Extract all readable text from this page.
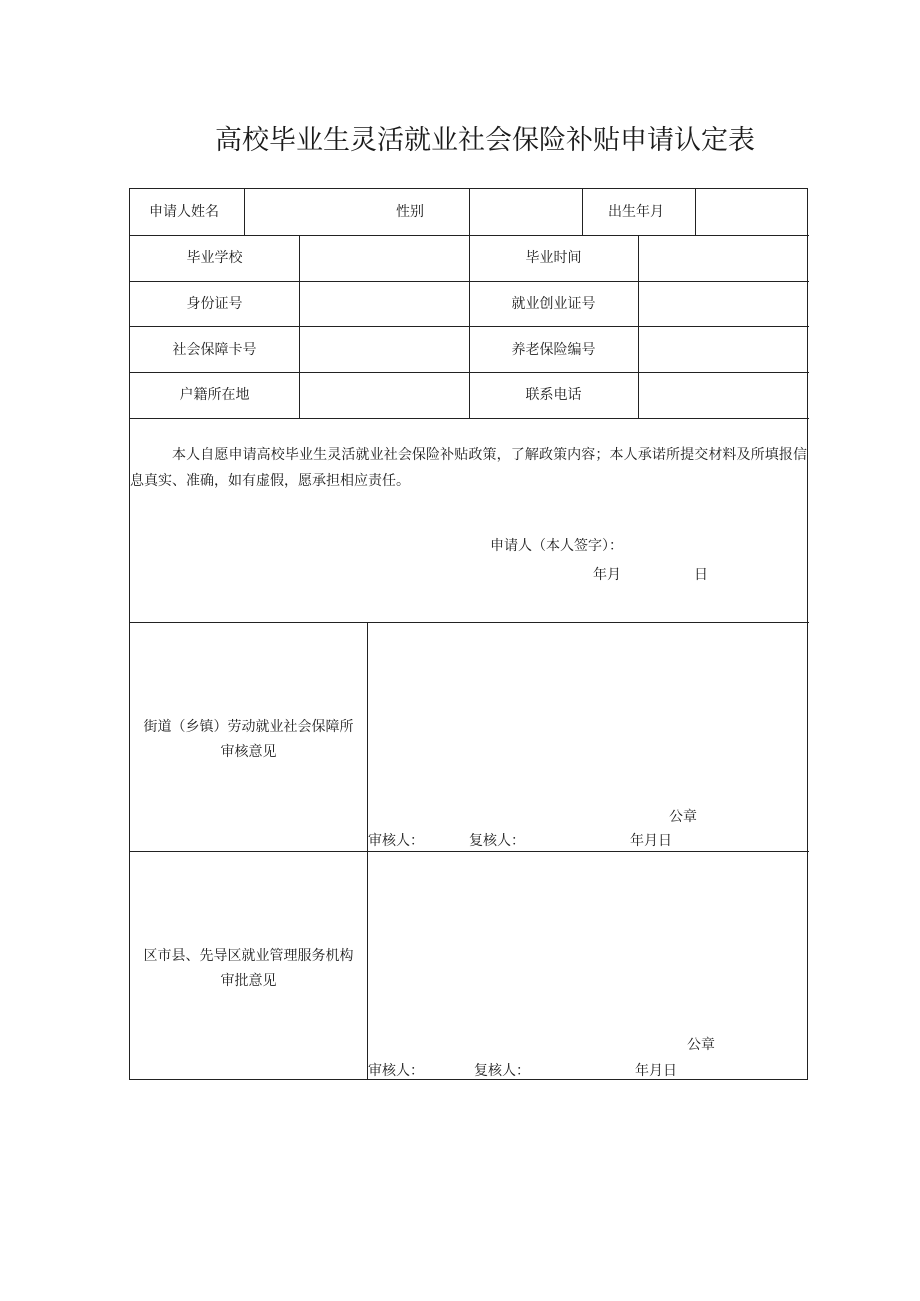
高校毕业生灵活就业社会保险补贴申请认定表
申请人姓名	性别	出生年月
毕业学校	毕业时间
身份证号	就业创业证号
社会保障卡号	养老保险编号
户籍所在地	联系电话
本人自愿申请高校毕业生灵活就业社会保险补贴政策，了解政策内容；本人承诺所提交材料及所填报信息真实、准确，如有虚假，愿承担相应责任。
申请人（本人签字）：
年月	日
街道（乡镇）劳动就业社会保障所
审核意见
公章
审核人：	复核人：	年月日
区市县、先导区就业管理服务机构
审批意见
公章
审核人：	复核人：	年月日
